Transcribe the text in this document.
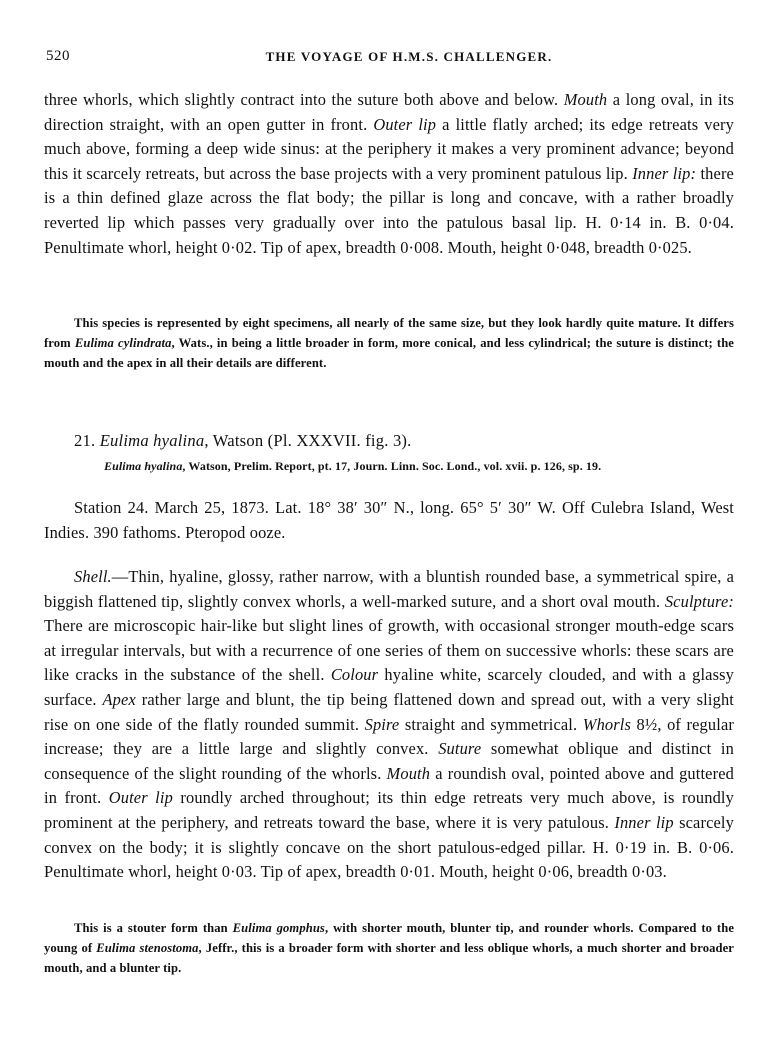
520	THE VOYAGE OF H.M.S. CHALLENGER.

three whorls, which slightly contract into the suture both above and below. Mouth a long oval, in its direction straight, with an open gutter in front. Outer lip a little flatly arched; its edge retreats very much above, forming a deep wide sinus: at the periphery it makes a very prominent advance; beyond this it scarcely retreats, but across the base projects with a very prominent patulous lip. Inner lip: there is a thin defined glaze across the flat body; the pillar is long and concave, with a rather broadly reverted lip which passes very gradually over into the patulous basal lip. H. 0·14 in. B. 0·04. Penultimate whorl, height 0·02. Tip of apex, breadth 0·008. Mouth, height 0·048, breadth 0·025.

This species is represented by eight specimens, all nearly of the same size, but they look hardly quite mature. It differs from Eulima cylindrata, Wats., in being a little broader in form, more conical, and less cylindrical; the suture is distinct; the mouth and the apex in all their details are different.

21. Eulima hyalina, Watson (Pl. XXXVII. fig. 3).
Eulima hyalina, Watson, Prelim. Report, pt. 17, Journ. Linn. Soc. Lond., vol. xvii. p. 126, sp. 19.

Station 24. March 25, 1873. Lat. 18° 38′ 30″ N., long. 65° 5′ 30″ W. Off Culebra Island, West Indies. 390 fathoms. Pteropod ooze.

Shell.—Thin, hyaline, glossy, rather narrow, with a bluntish rounded base, a symmetrical spire, a biggish flattened tip, slightly convex whorls, a well-marked suture, and a short oval mouth. Sculpture: There are microscopic hair-like but slight lines of growth, with occasional stronger mouth-edge scars at irregular intervals, but with a recurrence of one series of them on successive whorls: these scars are like cracks in the substance of the shell. Colour hyaline white, scarcely clouded, and with a glassy surface. Apex rather large and blunt, the tip being flattened down and spread out, with a very slight rise on one side of the flatly rounded summit. Spire straight and symmetrical. Whorls 8½, of regular increase; they are a little large and slightly convex. Suture somewhat oblique and distinct in consequence of the slight rounding of the whorls. Mouth a roundish oval, pointed above and guttered in front. Outer lip roundly arched throughout; its thin edge retreats very much above, is roundly prominent at the periphery, and retreats toward the base, where it is very patulous. Inner lip scarcely convex on the body; it is slightly concave on the short patulous-edged pillar. H. 0·19 in. B. 0·06. Penultimate whorl, height 0·03. Tip of apex, breadth 0·01. Mouth, height 0·06, breadth 0·03.

This is a stouter form than Eulima gomphus, with shorter mouth, blunter tip, and rounder whorls. Compared to the young of Eulima stenostoma, Jeffr., this is a broader form with shorter and less oblique whorls, a much shorter and broader mouth, and a blunter tip.
